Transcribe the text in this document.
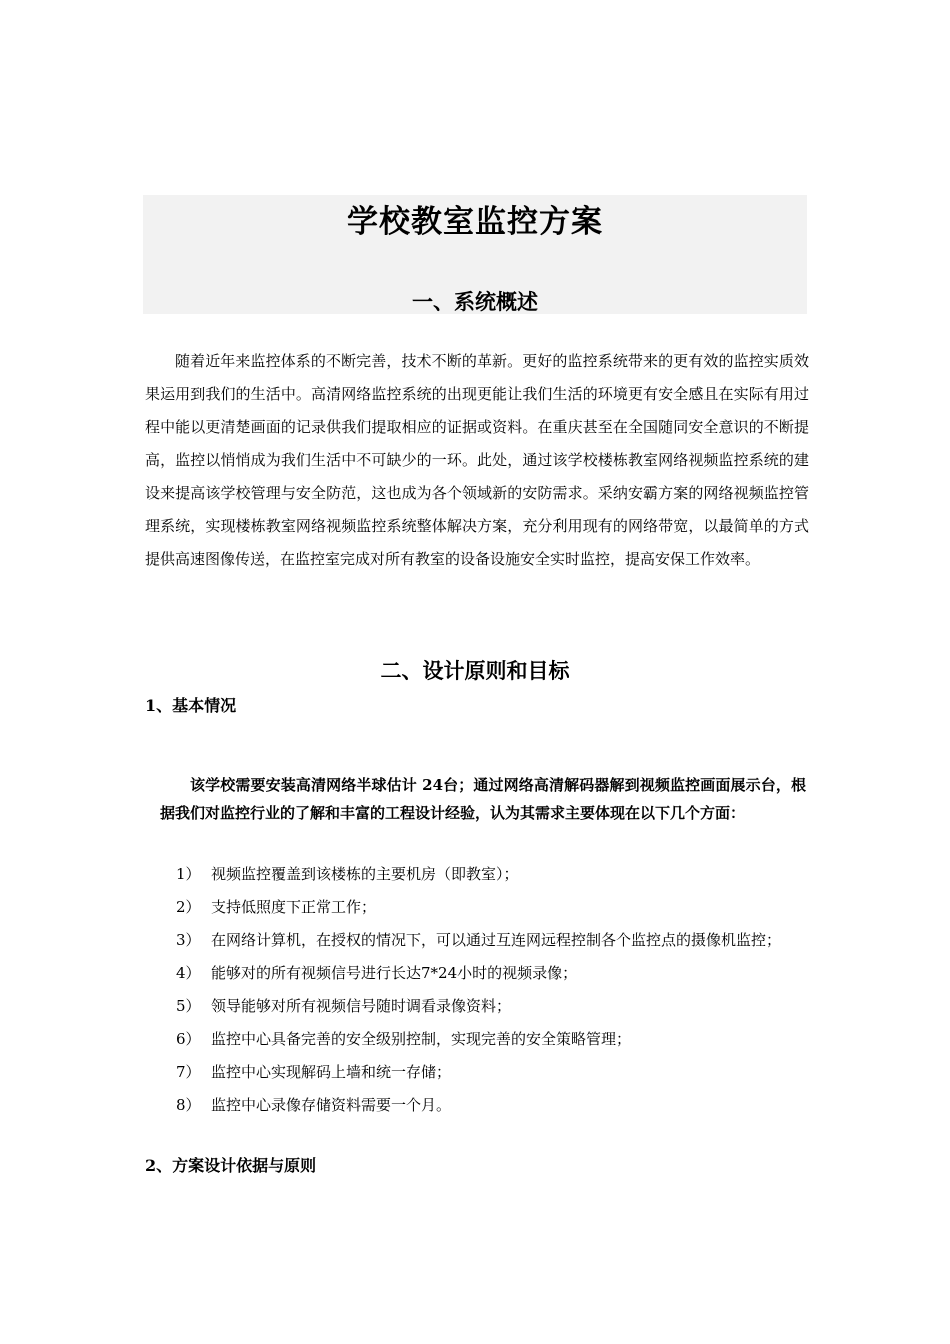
学校教室监控方案
一、系统概述

随着近年来监控体系的不断完善，技术不断的革新。更好的监控系统带来的更有效的监控实质效果运用到我们的生活中。高清网络监控系统的出现更能让我们生活的环境更有安全感且在实际有用过程中能以更清楚画面的记录供我们提取相应的证据或资料。在重庆甚至在全国随同安全意识的不断提高，监控以悄悄成为我们生活中不可缺少的一环。此处，通过该学校楼栋教室网络视频监控系统的建设来提高该学校管理与安全防范，这也成为各个领域新的安防需求。采纳安霸方案的网络视频监控管理系统，实现楼栋教室网络视频监控系统整体解决方案，充分利用现有的网络带宽，以最简单的方式提供高速图像传送，在监控室完成对所有教室的设备设施安全实时监控，提高安保工作效率。

二、设计原则和目标
1、基本情况

该学校需要安装高清网络半球估计 24台；通过网络高清解码器解到视频监控画面展示台，根据我们对监控行业的了解和丰富的工程设计经验，认为其需求主要体现在以下几个方面：

1） 视频监控覆盖到该楼栋的主要机房（即教室）；
2） 支持低照度下正常工作；
3） 在网络计算机，在授权的情况下，可以通过互连网远程控制各个监控点的摄像机监控；
4） 能够对的所有视频信号进行长达7*24小时的视频录像；
5） 领导能够对所有视频信号随时调看录像资料；
6） 监控中心具备完善的安全级别控制，实现完善的安全策略管理；
7） 监控中心实现解码上墙和统一存储；
8） 监控中心录像存储资料需要一个月。
2、方案设计依据与原则
